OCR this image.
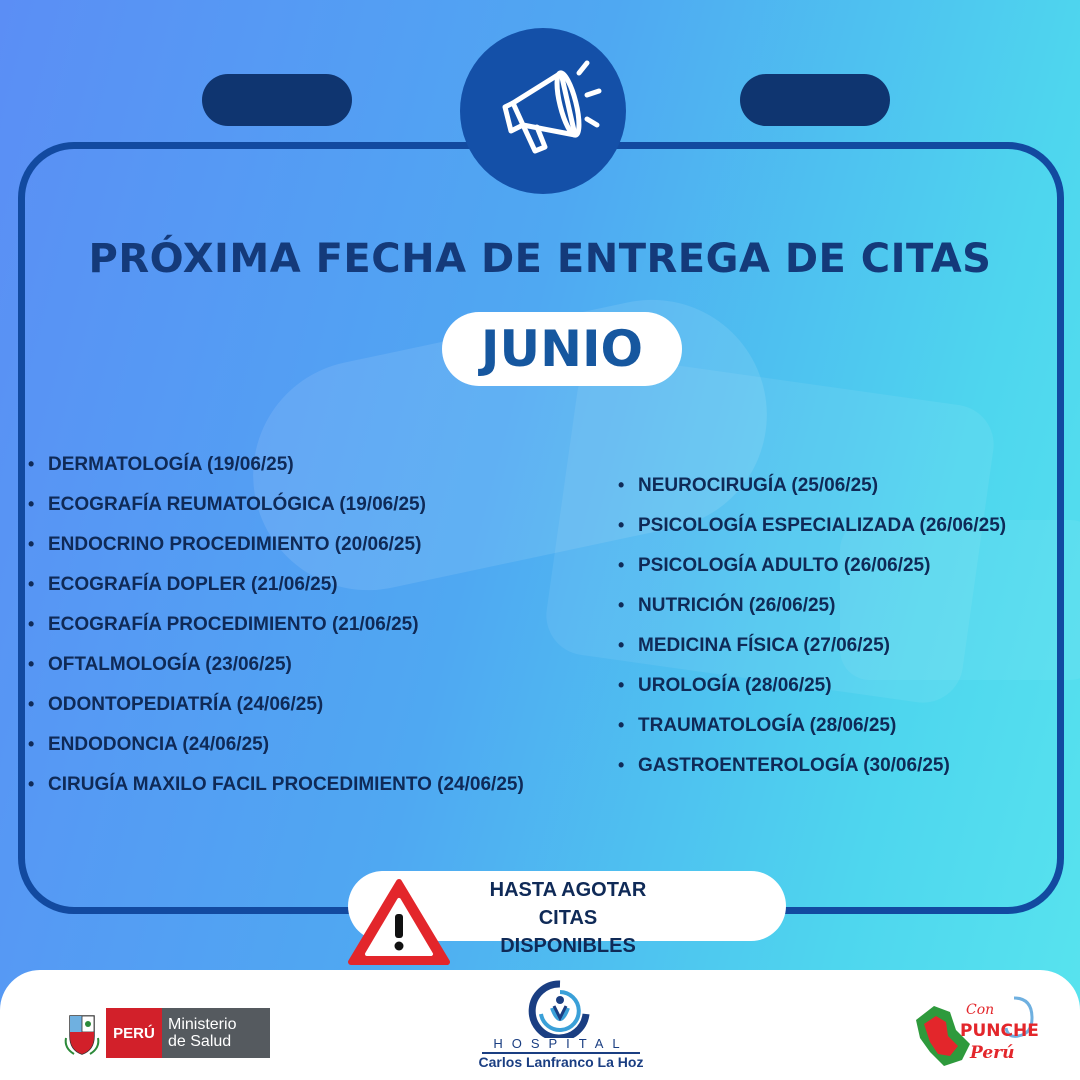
PRÓXIMA FECHA DE ENTREGA DE CITAS
JUNIO
• DERMATOLOGÍA (19/06/25)
• ECOGRAFÍA REUMATOLÓGICA (19/06/25)
• ENDOCRINO PROCEDIMIENTO (20/06/25)
• ECOGRAFÍA DOPLER (21/06/25)
• ECOGRAFÍA PROCEDIMIENTO (21/06/25)
• OFTALMOLOGÍA (23/06/25)
• ODONTOPEDIATRÍA (24/06/25)
• ENDODONCIA (24/06/25)
• CIRUGÍA MAXILO FACIL PROCEDIMIENTO (24/06/25)
• NEUROCIRUGÍA (25/06/25)
• PSICOLOGÍA ESPECIALIZADA (26/06/25)
• PSICOLOGÍA ADULTO (26/06/25)
• NUTRICIÓN (26/06/25)
• MEDICINA FÍSICA (27/06/25)
• UROLOGÍA (28/06/25)
• TRAUMATOLOGÍA (28/06/25)
• GASTROENTEROLOGÍA (30/06/25)
HASTA AGOTAR
CITAS DISPONIBLES
PERÚ Ministerio
de Salud	HOSPITAL
Carlos Lanfranco La Hoz
Con
PUNCHE
Perú
